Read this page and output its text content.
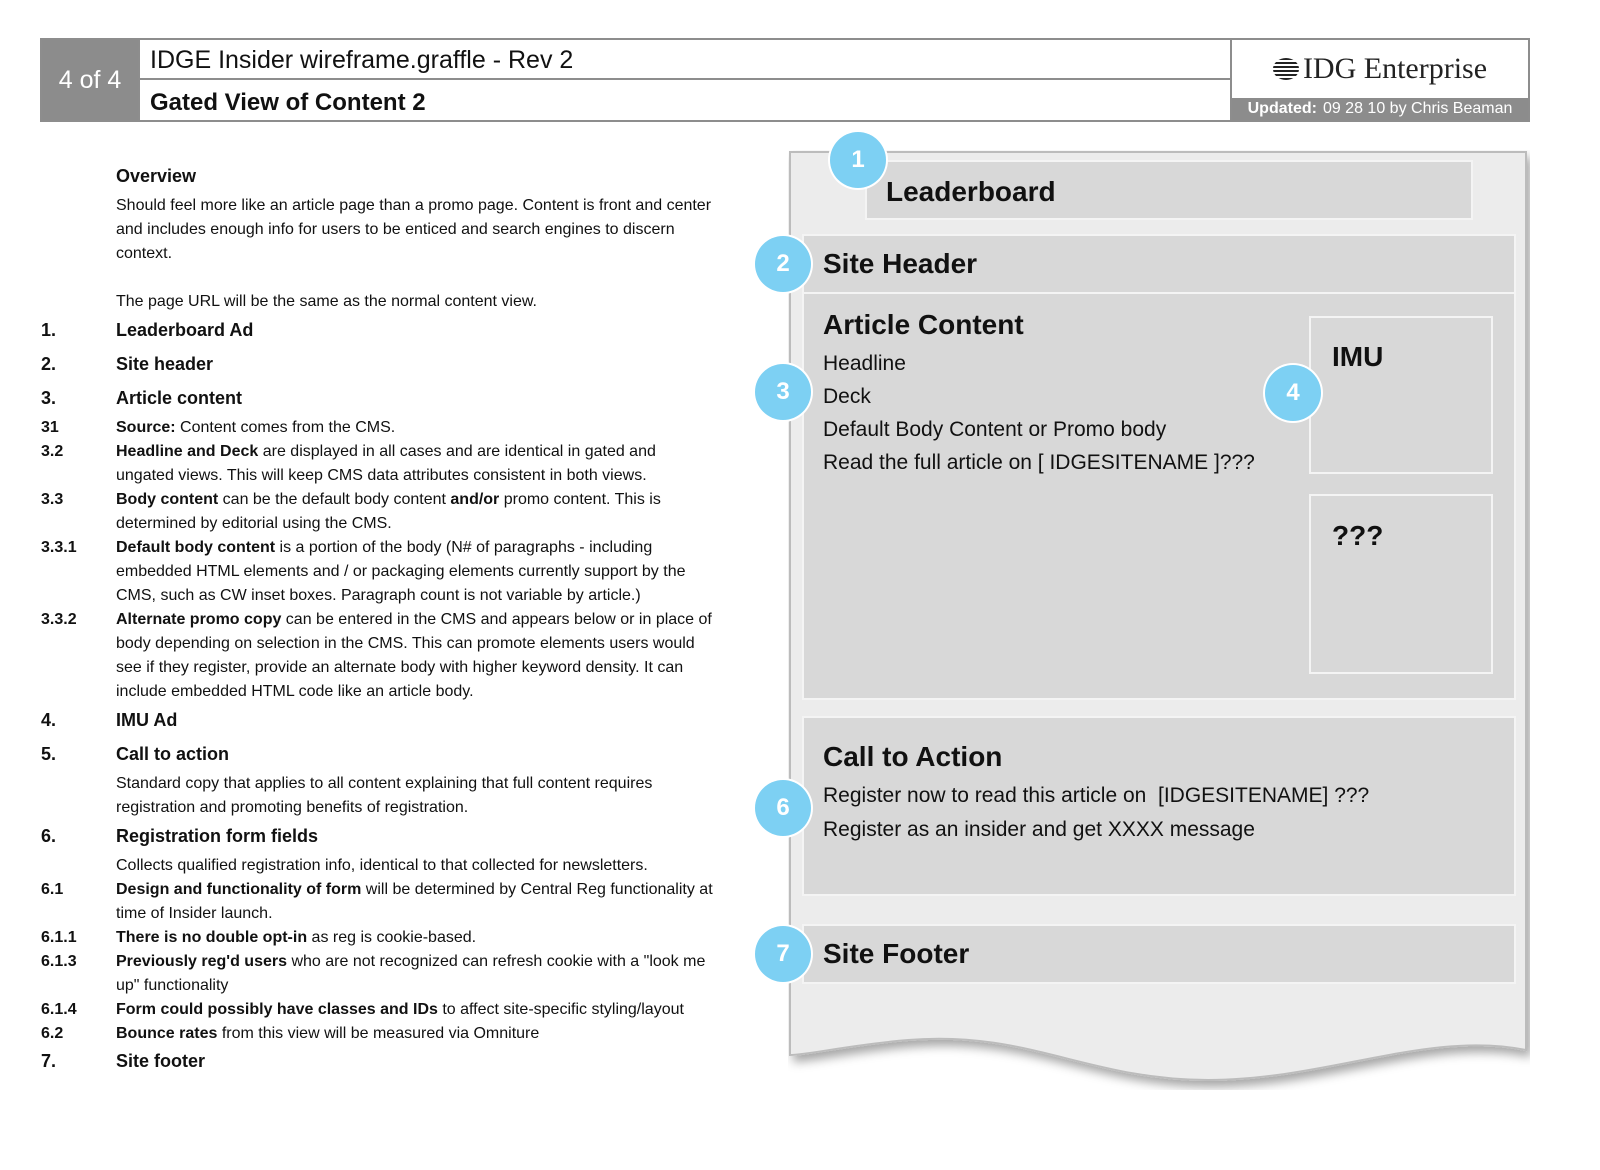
4 of 4
IDGE Insider wireframe.graffle - Rev 2
Gated View of Content 2
IDG Enterprise
Updated: 09 28 10 by Chris Beaman
Overview
Should feel more like an article page than a promo page. Content is front and center and includes enough info for users to be enticed and search engines to discern context.
The page URL will be the same as the normal content view.
1.	Leaderboard Ad
2.	Site header
3.	Article content
31	Source: Content comes from the CMS.
3.2	Headline and Deck are displayed in all cases and are identical in gated and ungated views. This will keep CMS data attributes consistent in both views.
3.3	Body content can be the default body content and/or promo content. This is determined by editorial using the CMS.
3.3.1 Default body content is a portion of the body (N# of paragraphs - including embedded HTML elements and / or packaging elements currently support by the CMS, such as CW inset boxes. Paragraph count is not variable by article.)
3.3.2 Alternate promo copy can be entered in the CMS and appears below or in place of body depending on selection in the CMS. This can promote elements users would see if they register, provide an alternate body with higher keyword density. It can include embedded HTML code like an article body.
4.	IMU Ad
5.	Call to action
Standard copy that applies to all content explaining that full content requires registration and promoting benefits of registration.
6.	Registration form fields
Collects qualified registration info, identical to that collected for newsletters.
6.1	Design and functionality of form will be determined by Central Reg functionality at time of Insider launch.
6.1.1 There is no double opt-in as reg is cookie-based.
6.1.3 Previously reg'd users who are not recognized can refresh cookie with a "look me up" functionality
6.1.4 Form could possibly have classes and IDs to affect site-specific styling/layout
6.2	Bounce rates from this view will be measured via Omniture
7.	Site footer
Leaderboard
Site Header
Article Content
Headline
Deck
Default Body Content or Promo body
Read the full article on [ IDGESITENAME ]???
IMU
???
Call to Action
Register now to read this article on  [IDGESITENAME] ???
Register as an insider and get XXXX message
Site Footer
1
2
3	4
6
7
